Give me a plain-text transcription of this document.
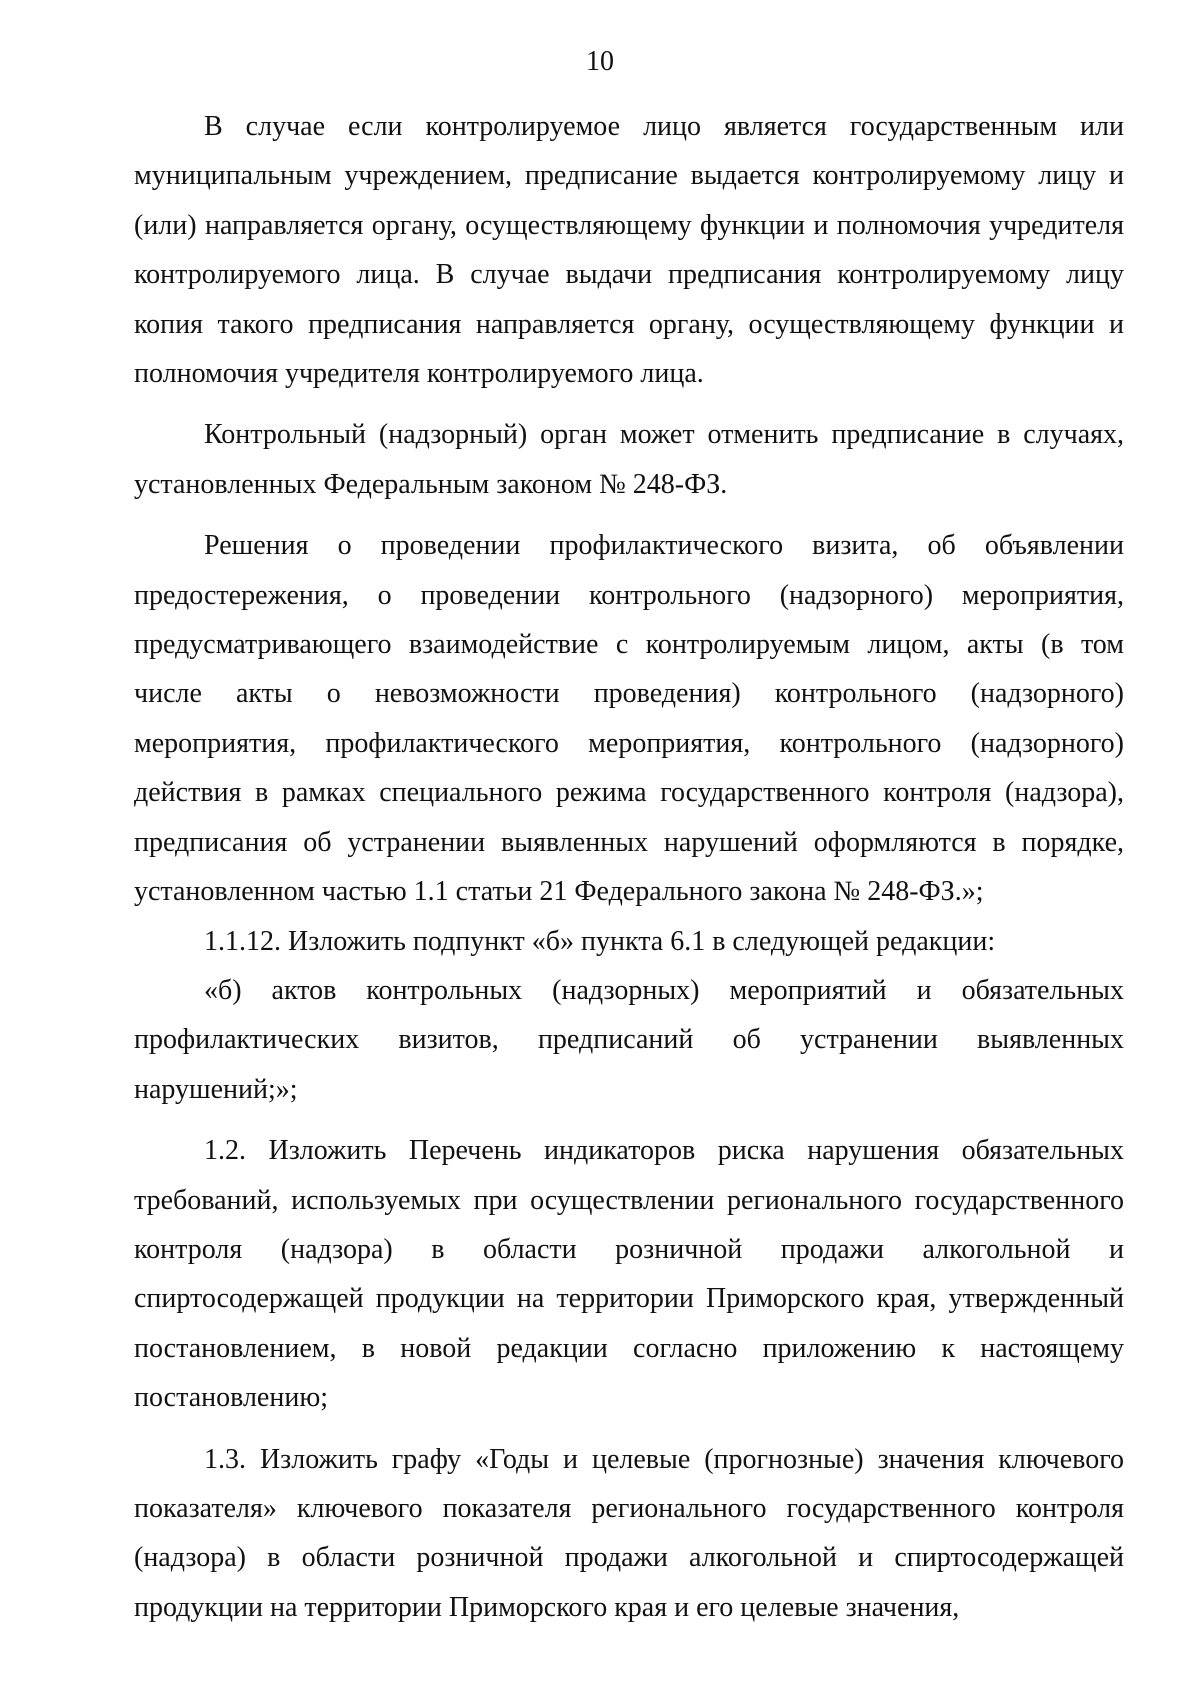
10

В случае если контролируемое лицо является государственным или муниципальным учреждением, предписание выдается контролируемому лицу и (или) направляется органу, осуществляющему функции и полномочия учредителя контролируемого лица. В случае выдачи предписания контролируемому лицу копия такого предписания направляется органу, осуществляющему функции и полномочия учредителя контролируемого лица.

Контрольный (надзорный) орган может отменить предписание в случаях, установленных Федеральным законом № 248-ФЗ.

Решения о проведении профилактического визита, об объявлении предостережения, о проведении контрольного (надзорного) мероприятия, предусматривающего взаимодействие с контролируемым лицом, акты (в том числе акты о невозможности проведения) контрольного (надзорного) мероприятия, профилактического мероприятия, контрольного (надзорного) действия в рамках специального режима государственного контроля (надзора), предписания об устранении выявленных нарушений оформляются в порядке, установленном частью 1.1 статьи 21 Федерального закона № 248-ФЗ.»;

1.1.12. Изложить подпункт «б» пункта 6.1 в следующей редакции:

«б) актов контрольных (надзорных) мероприятий и обязательных профилактических визитов, предписаний об устранении выявленных нарушений;»;

1.2. Изложить Перечень индикаторов риска нарушения обязательных требований, используемых при осуществлении регионального государственного контроля (надзора) в области розничной продажи алкогольной и спиртосодержащей продукции на территории Приморского края, утвержденный постановлением, в новой редакции согласно приложению к настоящему постановлению;

1.3. Изложить графу «Годы и целевые (прогнозные) значения ключевого показателя» ключевого показателя регионального государственного контроля (надзора) в области розничной продажи алкогольной и спиртосодержащей продукции на территории Приморского края и его целевые значения,
